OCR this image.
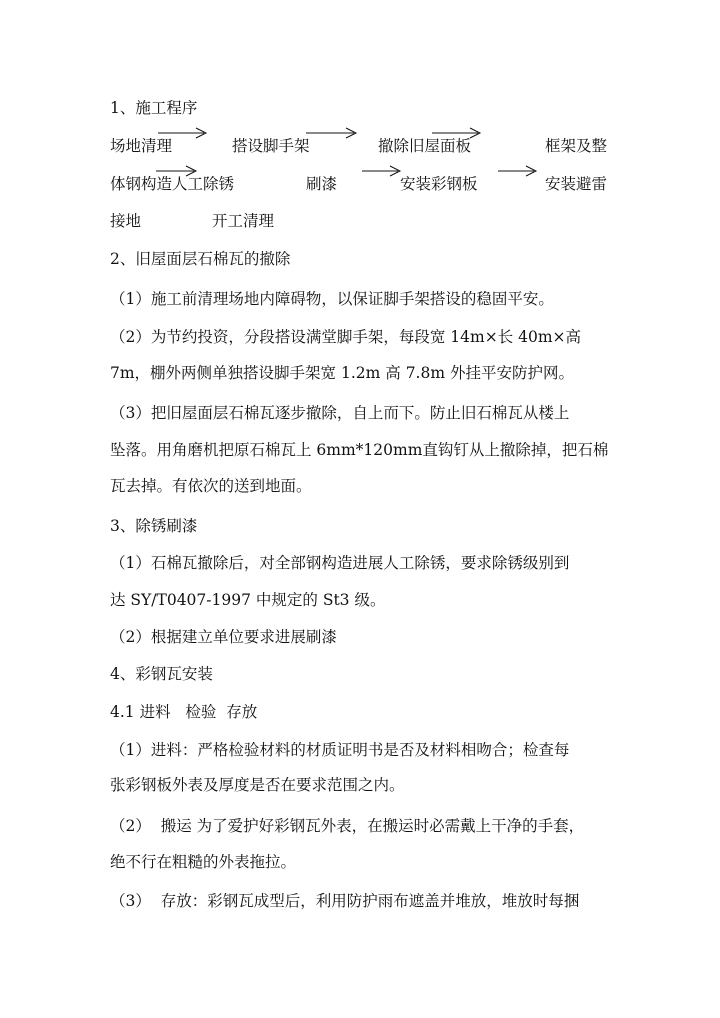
1、施工程序
场地清理	搭设脚手架	撤除旧屋面板	框架及整
体钢构造人工除锈	刷漆	安装彩钢板	安装避雷
接地	开工清理
2、旧屋面层石棉瓦的撤除
（1）施工前清理场地内障碍物，以保证脚手架搭设的稳固平安。
（2）为节约投资，分段搭设满堂脚手架，每段宽 14m×长 40m×高
7m，棚外两侧单独搭设脚手架宽 1.2m 高 7.8m 外挂平安防护网。
（3）把旧屋面层石棉瓦逐步撤除，自上而下。防止旧石棉瓦从楼上
坠落。用角磨机把原石棉瓦上 6mm*120mm直钩钉从上撤除掉，把石棉
瓦去掉。有依次的送到地面。
3、除锈刷漆
（1）石棉瓦撤除后，对全部钢构造进展人工除锈，要求除锈级别到
达 SY/T0407-1997 中规定的 St3 级。
（2）根据建立单位要求进展刷漆
4、彩钢瓦安装
4.1 进料   检验  存放
（1）进料：严格检验材料的材质证明书是否及材料相吻合；检查每
张彩钢板外表及厚度是否在要求范围之内。
（2）  搬运 为了爱护好彩钢瓦外表，在搬运时必需戴上干净的手套，
绝不行在粗糙的外表拖拉。
（3）  存放：彩钢瓦成型后，利用防护雨布遮盖并堆放，堆放时每捆
